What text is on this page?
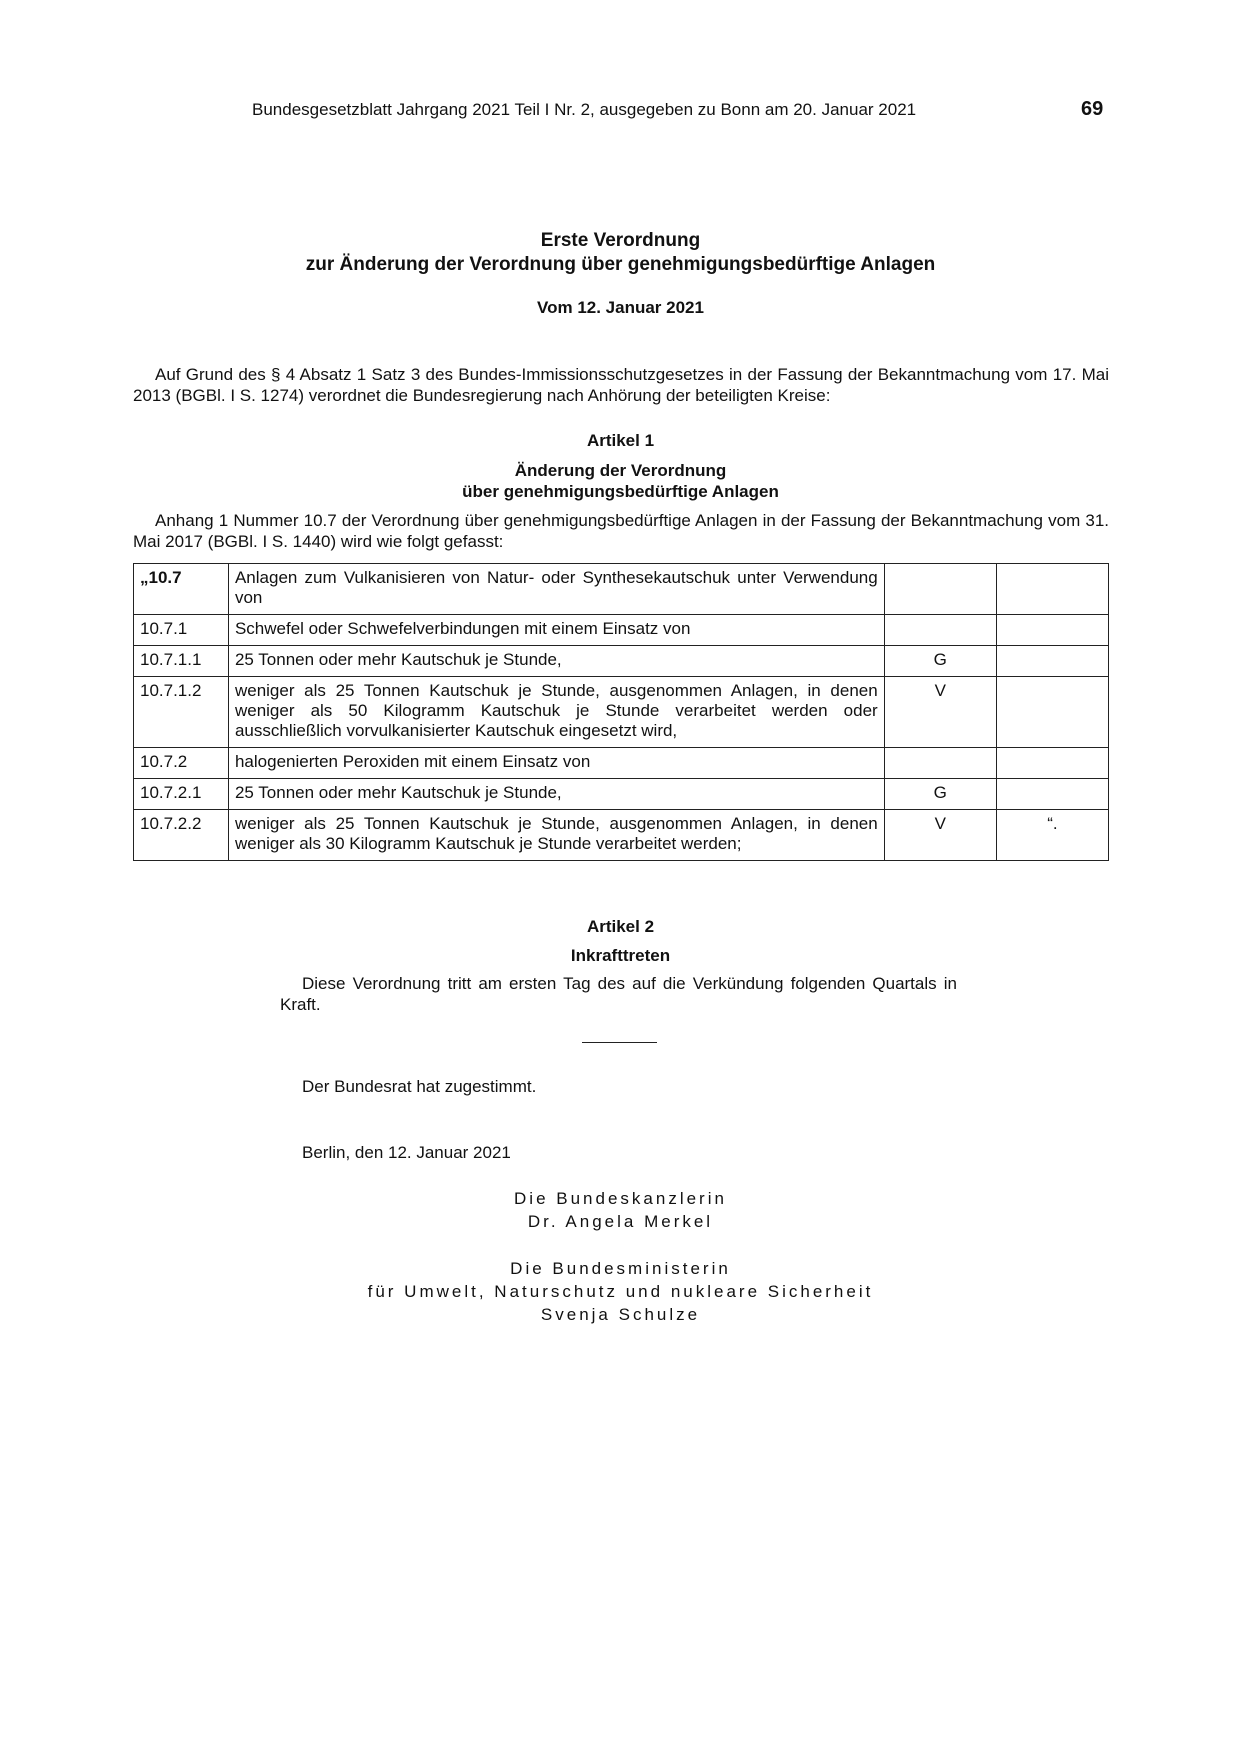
Bundesgesetzblatt Jahrgang 2021 Teil I Nr. 2, ausgegeben zu Bonn am 20. Januar 2021	69
Erste Verordnung
zur Änderung der Verordnung über genehmigungsbedürftige Anlagen
Vom 12. Januar 2021
Auf Grund des § 4 Absatz 1 Satz 3 des Bundes-Immissionsschutzgesetzes in der Fassung der Bekanntmachung vom 17. Mai 2013 (BGBl. I S. 1274) verordnet die Bundesregierung nach Anhörung der beteiligten Kreise:
Artikel 1
Änderung der Verordnung
über genehmigungsbedürftige Anlagen
Anhang 1 Nummer 10.7 der Verordnung über genehmigungsbedürftige Anlagen in der Fassung der Bekanntmachung vom 31. Mai 2017 (BGBl. I S. 1440) wird wie folgt gefasst:
„10.7	Anlagen zum Vulkanisieren von Natur- oder Synthesekautschuk unter Verwendung von		
10.7.1	Schwefel oder Schwefelverbindungen mit einem Einsatz von		
10.7.1.1	25 Tonnen oder mehr Kautschuk je Stunde,	G	
10.7.1.2	weniger als 25 Tonnen Kautschuk je Stunde, ausgenommen Anlagen, in denen weniger als 50 Kilogramm Kautschuk je Stunde verarbeitet werden oder ausschließlich vorvulkanisierter Kautschuk eingesetzt wird,	V	
10.7.2	halogenierten Peroxiden mit einem Einsatz von		
10.7.2.1	25 Tonnen oder mehr Kautschuk je Stunde,	G	
10.7.2.2	weniger als 25 Tonnen Kautschuk je Stunde, ausgenommen Anlagen, in denen weniger als 30 Kilogramm Kautschuk je Stunde verarbeitet werden;	V	“.
Artikel 2
Inkrafttreten
Diese Verordnung tritt am ersten Tag des auf die Verkündung folgenden Quartals in Kraft.
Der Bundesrat hat zugestimmt.
Berlin, den 12. Januar 2021
Die Bundeskanzlerin
Dr. Angela Merkel
Die Bundesministerin
für Umwelt, Naturschutz und nukleare Sicherheit
Svenja Schulze
